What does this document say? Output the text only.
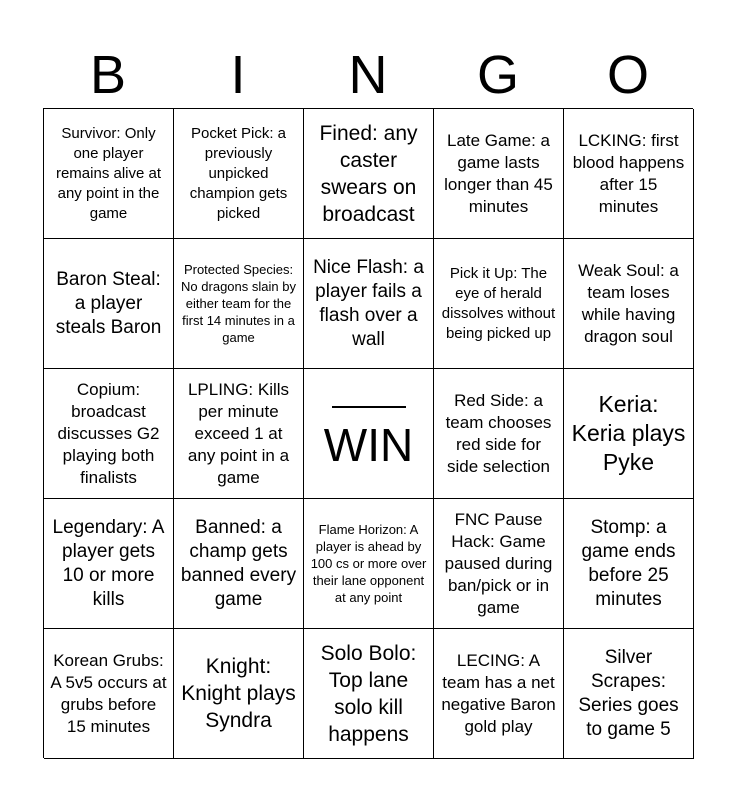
B	I	N	G	O
Survivor: Only one player remains alive at any point in the game
Pocket Pick: a previously unpicked champion gets picked
Fined: any caster swears on broadcast
Late Game: a game lasts longer than 45 minutes
LCKING: first blood happens after 15 minutes
Baron Steal: a player steals Baron
Protected Species: No dragons slain by either team for the first 14 minutes in a game
Nice Flash: a player fails a flash over a wall
Pick it Up: The eye of herald dissolves without being picked up
Weak Soul: a team loses while having dragon soul
Copium: broadcast discusses G2 playing both finalists
LPLING: Kills per minute exceed 1 at any point in a game
WIN
Red Side: a team chooses red side for side selection
Keria: Keria plays Pyke
Legendary: A player gets 10 or more kills
Banned: a champ gets banned every game
Flame Horizon: A player is ahead by 100 cs or more over their lane opponent at any point
FNC Pause Hack: Game paused during ban/pick or in game
Stomp: a game ends before 25 minutes
Korean Grubs: A 5v5 occurs at grubs before 15 minutes
Knight: Knight plays Syndra
Solo Bolo: Top lane solo kill happens
LECING: A team has a net negative Baron gold play
Silver Scrapes: Series goes to game 5
